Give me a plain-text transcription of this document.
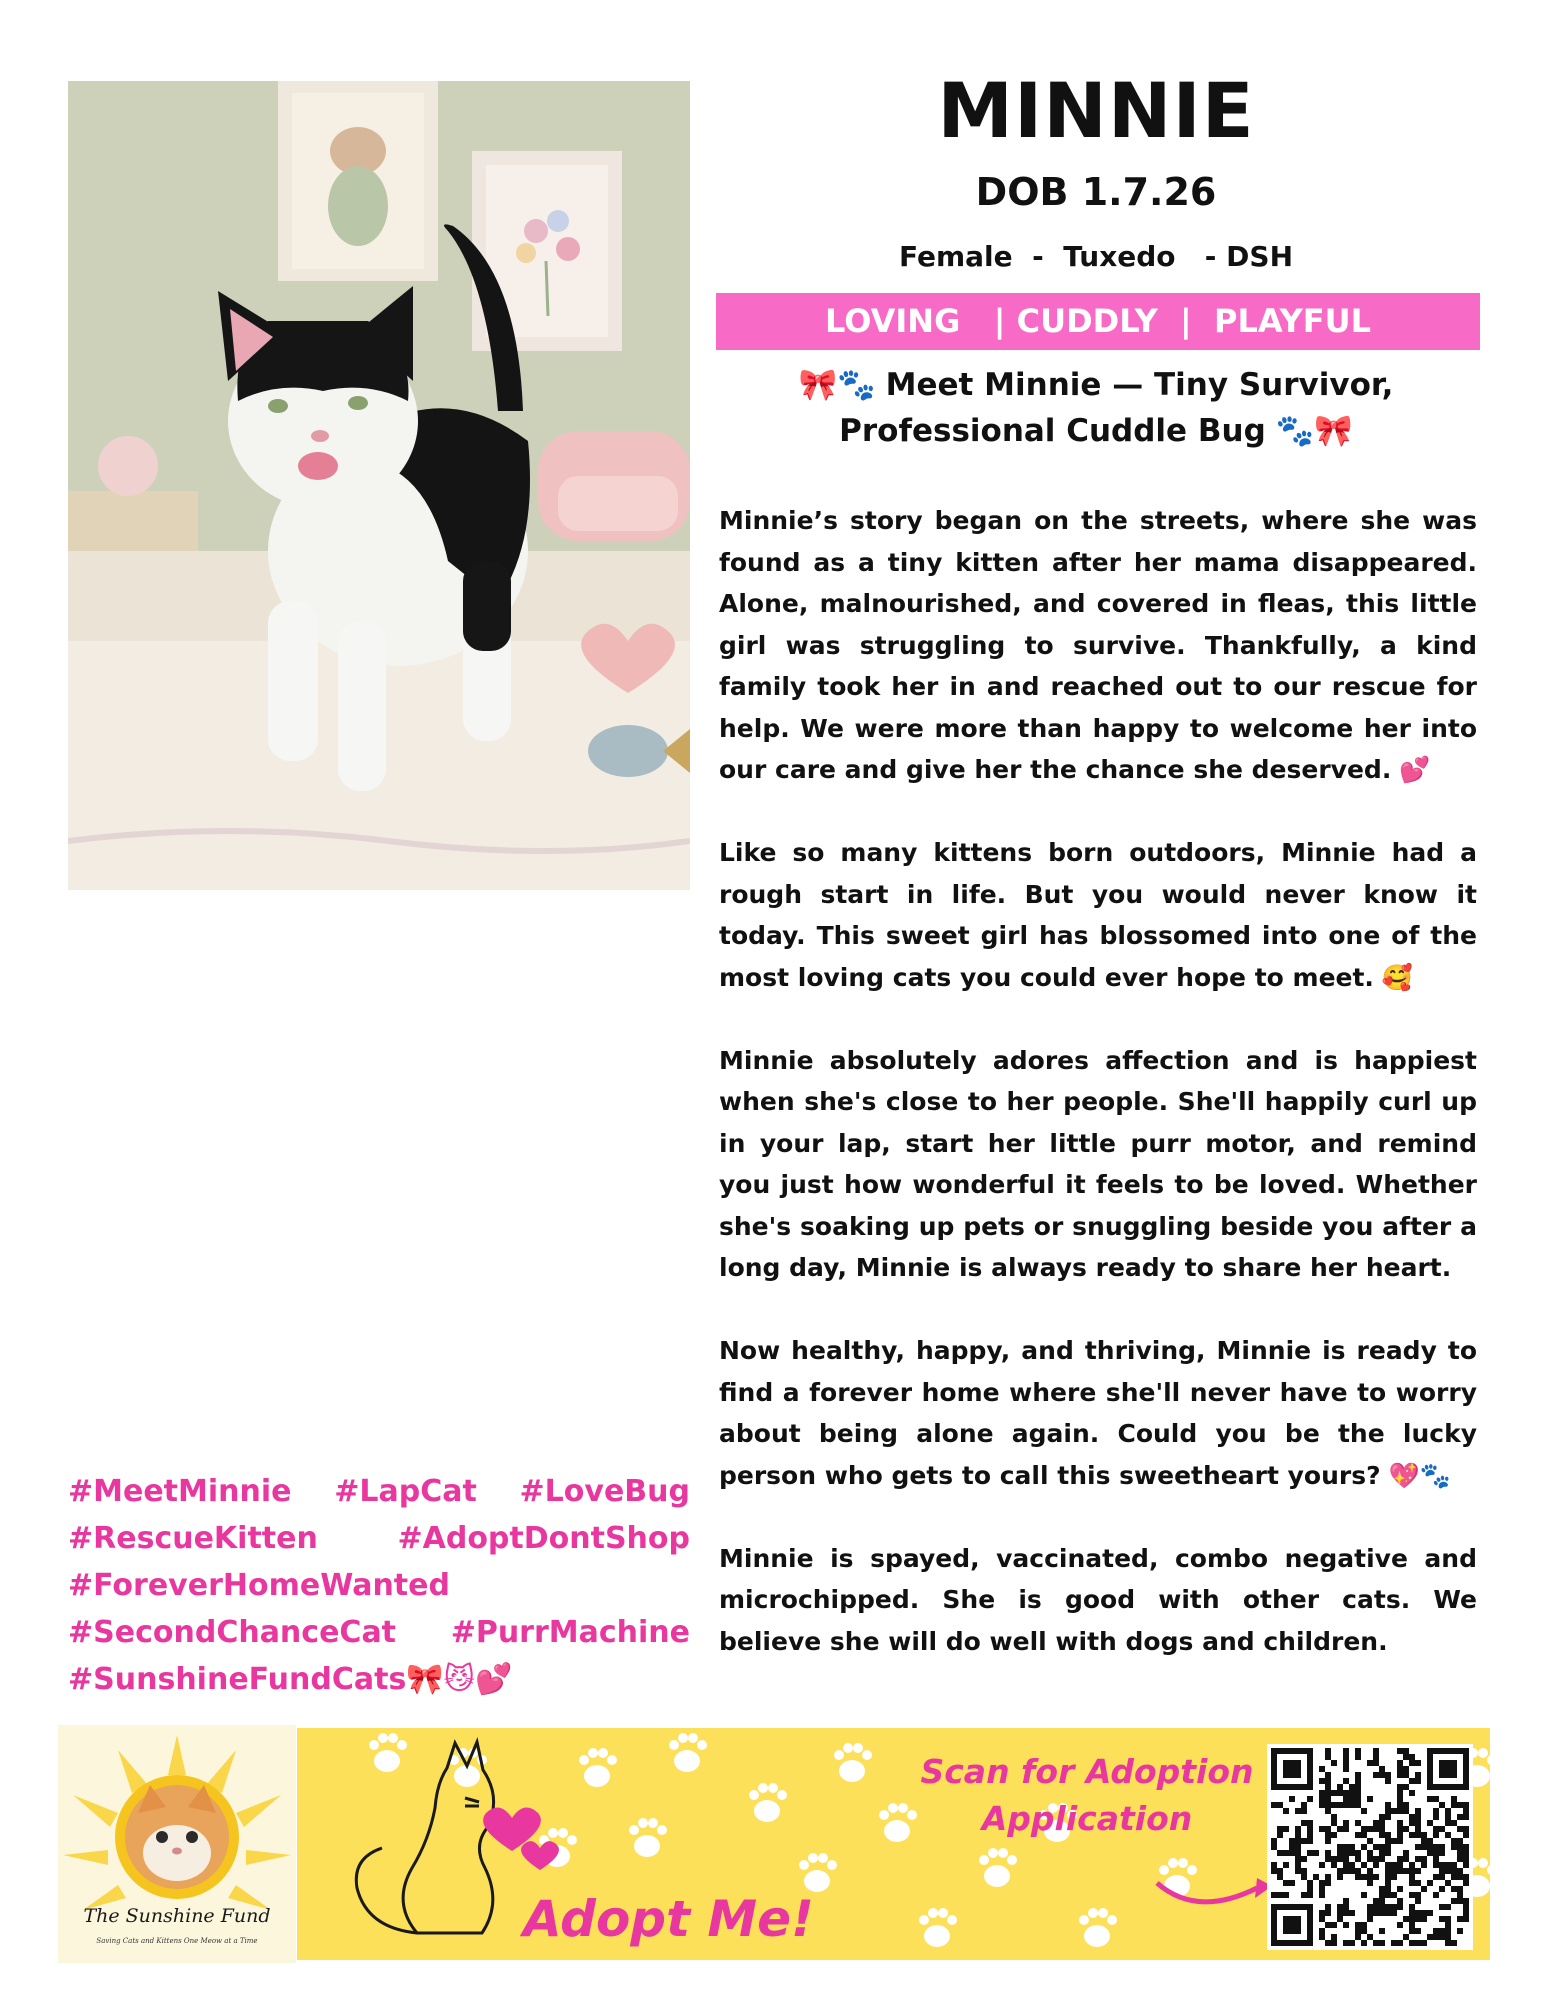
MINNIE
DOB 1.7.26
Female  -  Tuxedo   - DSH
LOVING   | CUDDLY  |  PLAYFUL
🎀🐾 Meet Minnie — Tiny Survivor,
Professional Cuddle Bug 🐾🎀

Minnie’s story began on the streets, where she was found as a tiny kitten after her mama disappeared. Alone, malnourished, and covered in fleas, this little girl was struggling to survive. Thankfully, a kind family took her in and reached out to our rescue for help. We were more than happy to welcome her into our care and give her the chance she deserved. 💕

Like so many kittens born outdoors, Minnie had a rough start in life. But you would never know it today. This sweet girl has blossomed into one of the most loving cats you could ever hope to meet. 🥰

Minnie absolutely adores affection and is happiest when she's close to her people. She'll happily curl up in your lap, start her little purr motor, and remind you just how wonderful it feels to be loved. Whether she's soaking up pets or snuggling beside you after a long day, Minnie is always ready to share her heart.

Now healthy, happy, and thriving, Minnie is ready to find a forever home where she'll never have to worry about being alone again. Could you be the lucky person who gets to call this sweetheart yours? 💖🐾

Minnie is spayed, vaccinated, combo negative and microchipped. She is good with other cats. We believe she will do well with dogs and children.

#MeetMinnie #LapCat #LoveBug
#RescueKitten	#AdoptDontShop
#ForeverHomeWanted
#SecondChanceCat #PurrMachine
#SunshineFundCats 🎀😼💕
The Sunshine Fund
Saving Cats and Kittens One Meow at a Time
Scan for Adoption
Application
Adopt Me!
